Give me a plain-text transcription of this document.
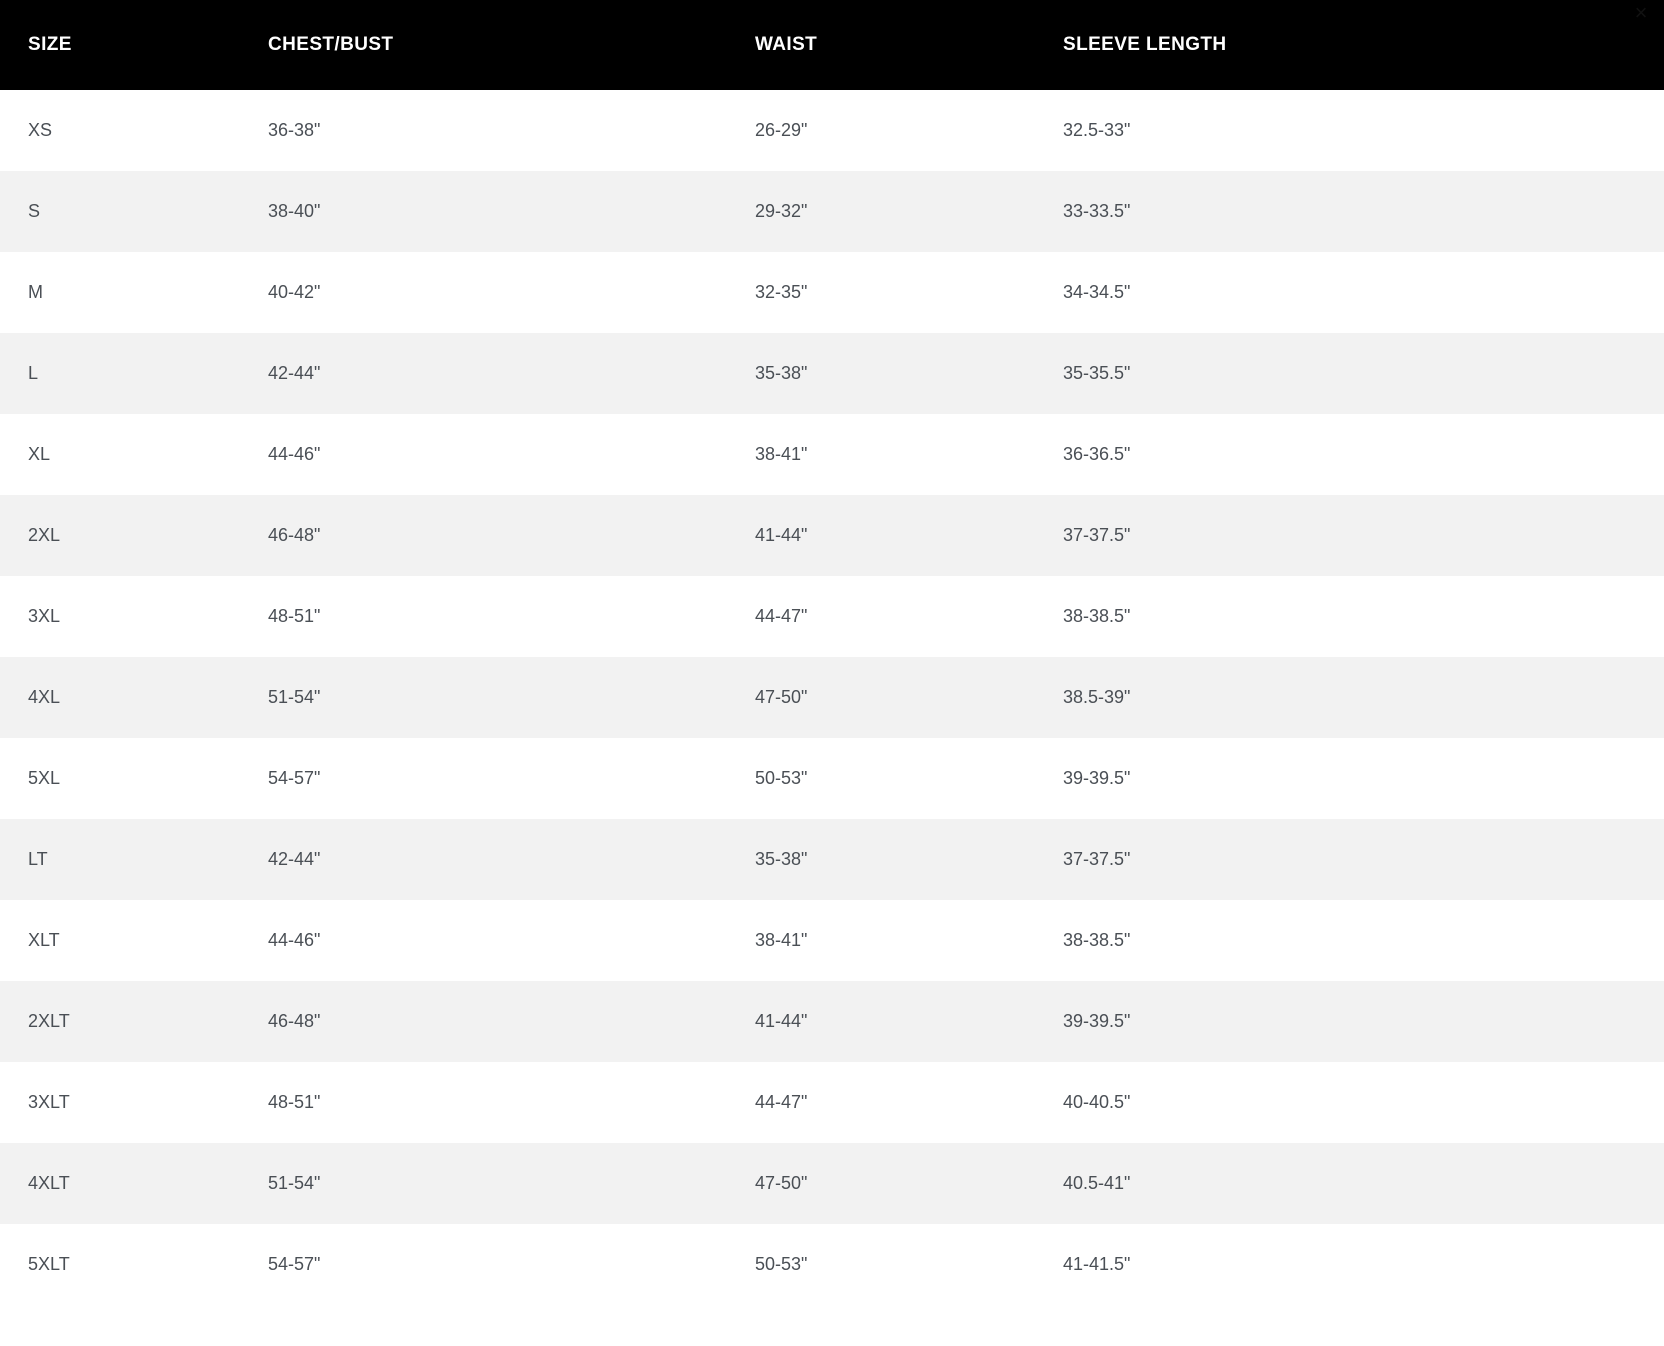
×
SIZE	CHEST/BUST	WAIST	SLEEVE LENGTH
XS	36-38"	26-29"	32.5-33"
S	38-40"	29-32"	33-33.5"
M	40-42"	32-35"	34-34.5"
L	42-44"	35-38"	35-35.5"
XL	44-46"	38-41"	36-36.5"
2XL	46-48"	41-44"	37-37.5"
3XL	48-51"	44-47"	38-38.5"
4XL	51-54"	47-50"	38.5-39"
5XL	54-57"	50-53"	39-39.5"
LT	42-44"	35-38"	37-37.5"
XLT	44-46"	38-41"	38-38.5"
2XLT	46-48"	41-44"	39-39.5"
3XLT	48-51"	44-47"	40-40.5"
4XLT	51-54"	47-50"	40.5-41"
5XLT	54-57"	50-53"	41-41.5"
